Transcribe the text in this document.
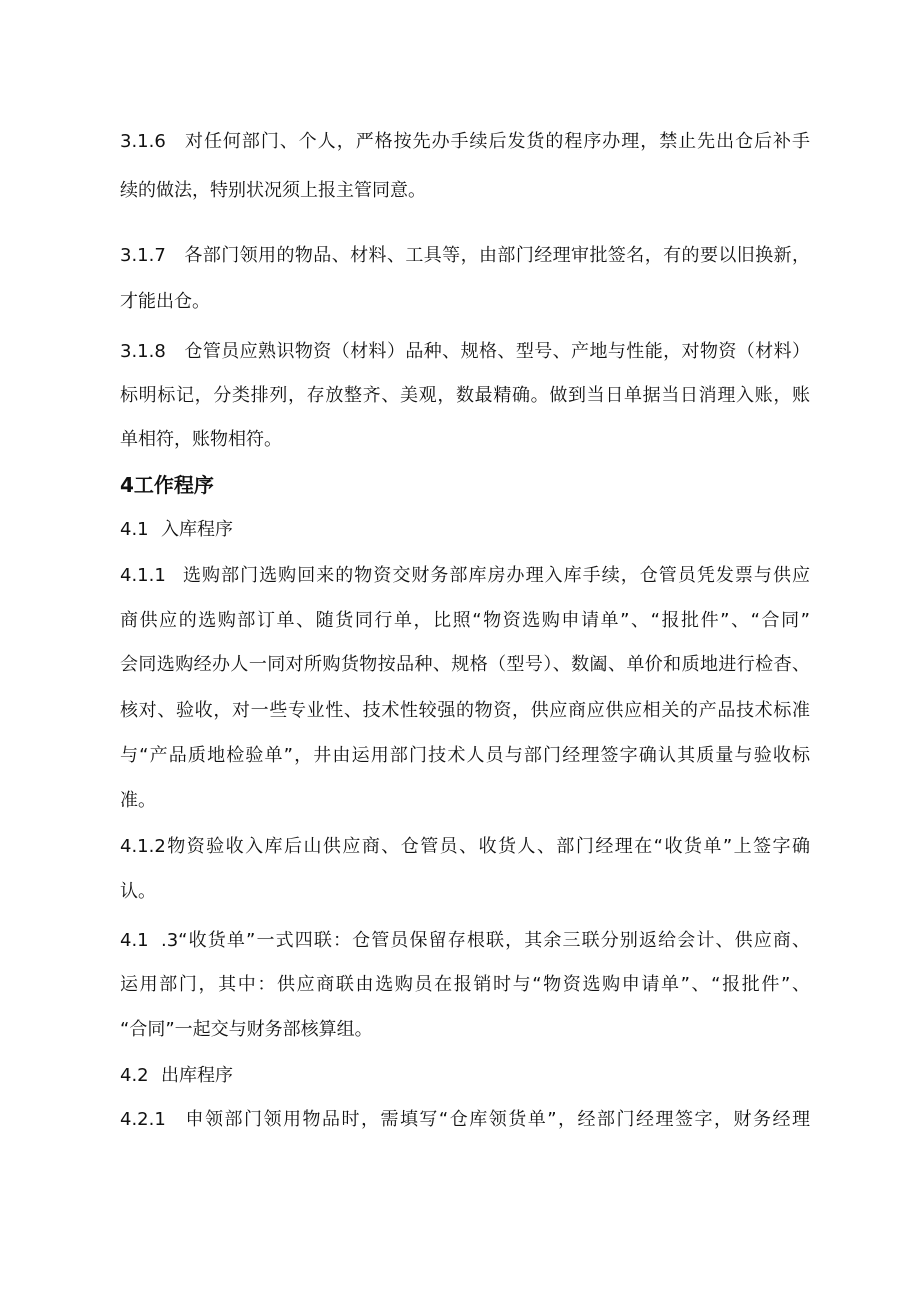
3.1.6 对任何部门、个人，严格按先办手续后发货的程序办理，禁止先出仓后补手
续的做法，特别状况须上报主管同意。
3.1.7 各部门领用的物品、材料、工具等，由部门经理审批签名，有的要以旧换新，
才能出仓。
3.1.8 仓管员应熟识物资（材料）品种、规格、型号、产地与性能，对物资（材料）
标明标记，分类排列，存放整齐、美观，数最精确。做到当日单据当日消理入账，账
单相符，账物相符。
4工作程序
4.1 入库程序
4.1.1 选购部门选购回来的物资交财务部库房办理入库手续，仓管员凭发票与供应
商供应的选购部订单、随货同行单，比照“物资选购申请单”、“报批件”、“合同”
会同选购经办人一同对所购货物按品种、规格（型号）、数阖、单价和质地进行检杳、
核对、验收，对一些专业性、技术性较强的物资，供应商应供应相关的产品技术标准
与“产品质地检验单”，井由运用部门技术人员与部门经理签字确认其质量与验收标
准。
4.1.2物资验收入库后山供应商、仓管员、收货人、部门经理在“收货单”上签字确
认。
4.1 .3“收货单”一式四联：仓管员保留存根联，其余三联分别返给会计、供应商、
运用部门，其中：供应商联由选购员在报销时与“物资选购申请单”、“报批件”、
“合同”一起交与财务部核算组。
4.2 出库程序
4.2.1 申领部门领用物品时，需填写“仓库领货单”，经部门经理签字，财务经理
